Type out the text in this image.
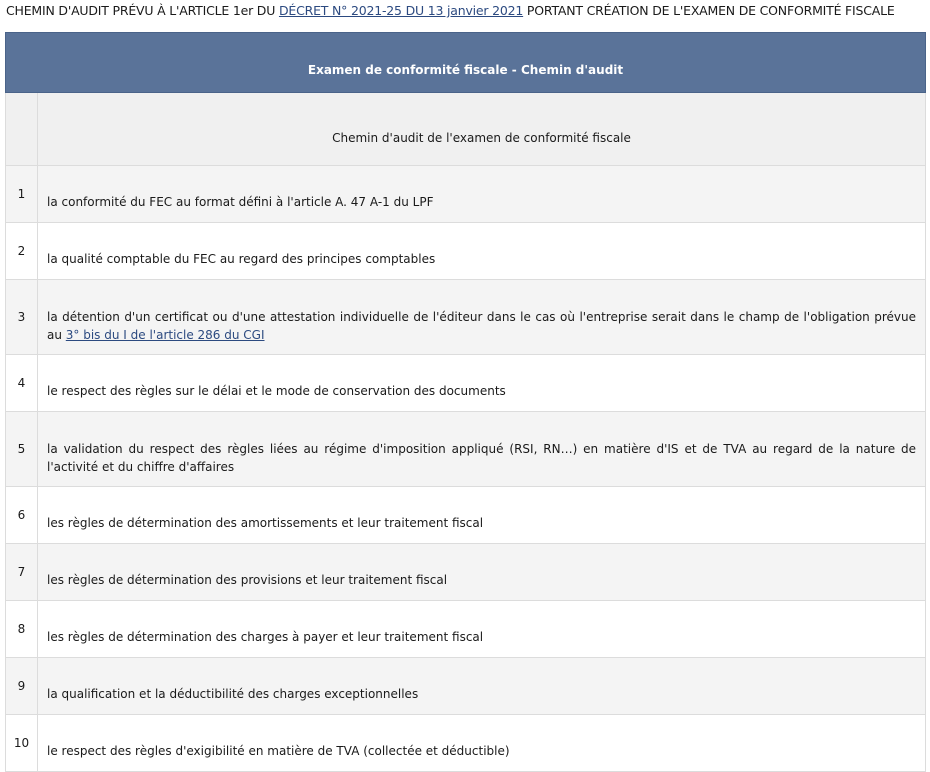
CHEMIN D'AUDIT PRÉVU À L'ARTICLE 1er DU DÉCRET N° 2021-25 DU 13 janvier 2021 PORTANT CRÉATION DE L'EXAMEN DE CONFORMITÉ FISCALE
Examen de conformité fiscale - Chemin d'audit	
	Chemin d'audit de l'examen de conformité fiscale
1	la conformité du FEC au format défini à l'article A. 47 A-1 du LPF

2	la qualité comptable du FEC au regard des principes comptables

3	la détention d'un certificat ou d'une attestation individuelle de l'éditeur dans le cas où l'entreprise serait dans le champ de l'obligation prévue au 3° bis du I de l'article 286 du CGI

4	le respect des règles sur le délai et le mode de conservation des documents

5	la validation du respect des règles liées au régime d'imposition appliqué (RSI, RN…) en matière d'IS et de TVA au regard de la nature de l'activité et du chiffre d'affaires

6	les règles de détermination des amortissements et leur traitement fiscal

7	les règles de détermination des provisions et leur traitement fiscal

8	les règles de détermination des charges à payer et leur traitement fiscal

9	la qualification et la déductibilité des charges exceptionnelles

10	le respect des règles d'exigibilité en matière de TVA (collectée et déductible)
